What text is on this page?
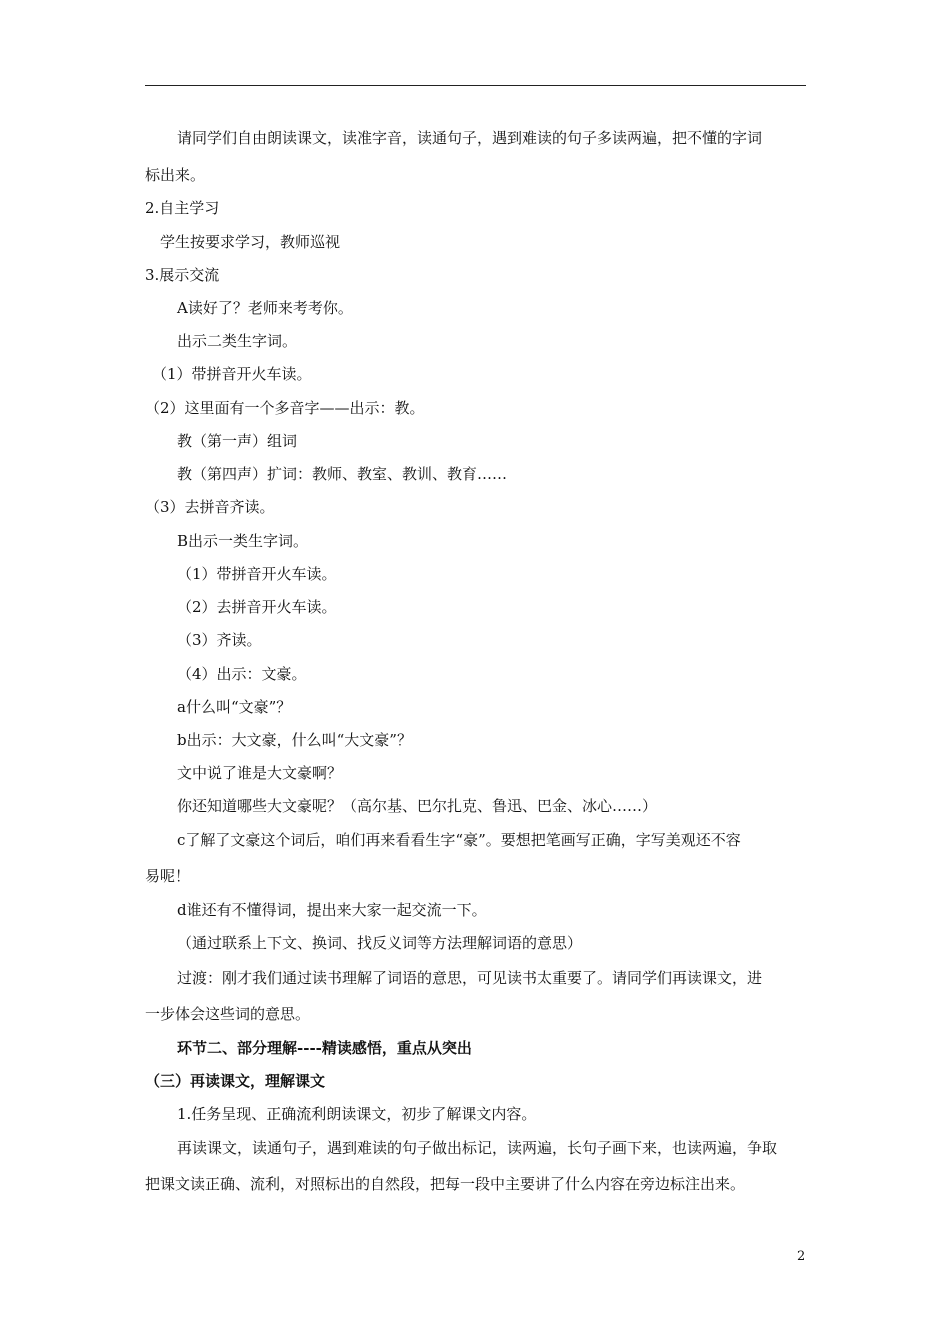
请同学们自由朗读课文，读准字音，读通句子，遇到难读的句子多读两遍，把不懂的字词
标出来。
2.自主学习
学生按要求学习，教师巡视
3.展示交流
A读好了？老师来考考你。
出示二类生字词。
（1）带拼音开火车读。
（2）这里面有一个多音字——出示：教。
教（第一声）组词
教（第四声）扩词：教师、教室、教训、教育……
（3）去拼音齐读。
B出示一类生字词。
（1）带拼音开火车读。
（2）去拼音开火车读。
（3）齐读。
（4）出示：文豪。
a什么叫“文豪”？
b出示：大文豪，什么叫“大文豪”？
文中说了谁是大文豪啊？
你还知道哪些大文豪呢？（高尔基、巴尔扎克、鲁迅、巴金、冰心……）
c了解了文豪这个词后，咱们再来看看生字“豪”。要想把笔画写正确，字写美观还不容
易呢！
d谁还有不懂得词，提出来大家一起交流一下。
（通过联系上下文、换词、找反义词等方法理解词语的意思）
过渡：刚才我们通过读书理解了词语的意思，可见读书太重要了。请同学们再读课文，进
一步体会这些词的意思。
环节二、部分理解----精读感悟，重点从突出
（三）再读课文，理解课文
1.任务呈现、正确流利朗读课文，初步了解课文内容。
再读课文，读通句子，遇到难读的句子做出标记，读两遍，长句子画下来，也读两遍，争取
把课文读正确、流利，对照标出的自然段，把每一段中主要讲了什么内容在旁边标注出来。
2
